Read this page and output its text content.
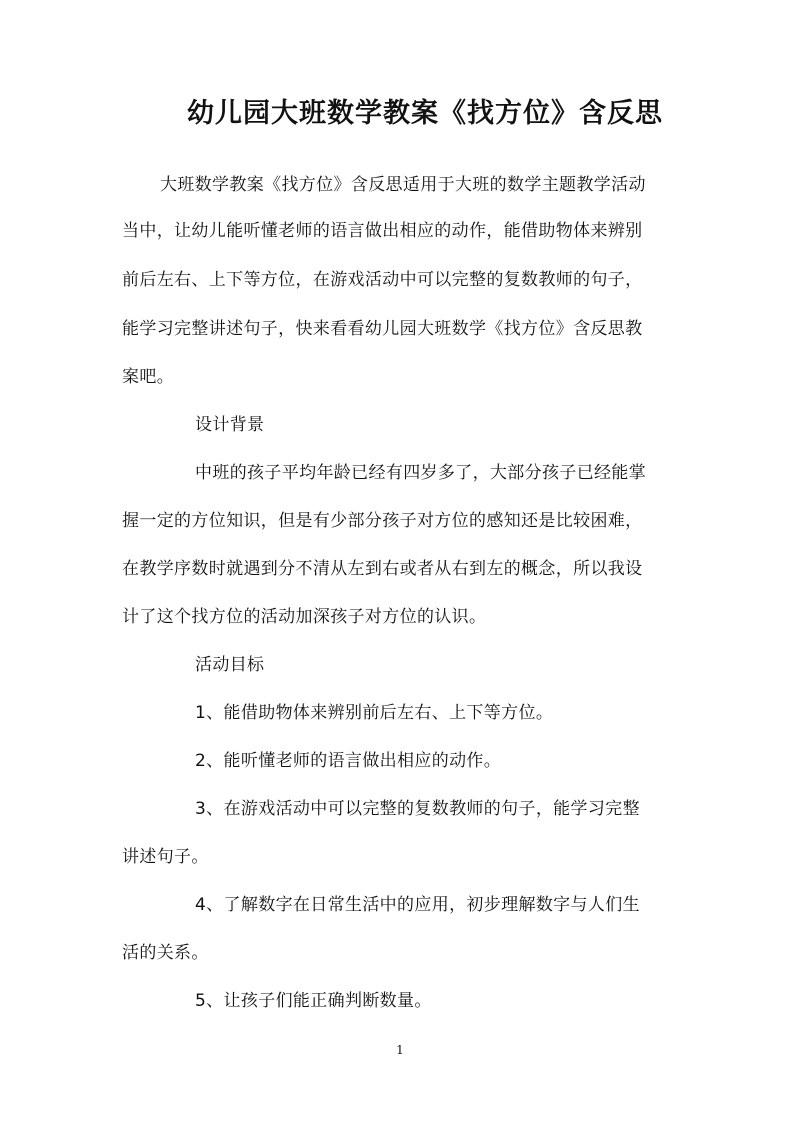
幼儿园大班数学教案《找方位》含反思
大班数学教案《找方位》含反思适用于大班的数学主题教学活动
当中，让幼儿能听懂老师的语言做出相应的动作，能借助物体来辨别
前后左右、上下等方位，在游戏活动中可以完整的复数教师的句子，
能学习完整讲述句子，快来看看幼儿园大班数学《找方位》含反思教
案吧。
设计背景
中班的孩子平均年龄已经有四岁多了，大部分孩子已经能掌
握一定的方位知识，但是有少部分孩子对方位的感知还是比较困难，
在教学序数时就遇到分不清从左到右或者从右到左的概念，所以我设
计了这个找方位的活动加深孩子对方位的认识。
活动目标
1、能借助物体来辨别前后左右、上下等方位。
2、能听懂老师的语言做出相应的动作。
3、在游戏活动中可以完整的复数教师的句子，能学习完整
讲述句子。
4、了解数字在日常生活中的应用，初步理解数字与人们生
活的关系。
5、让孩子们能正确判断数量。
1
